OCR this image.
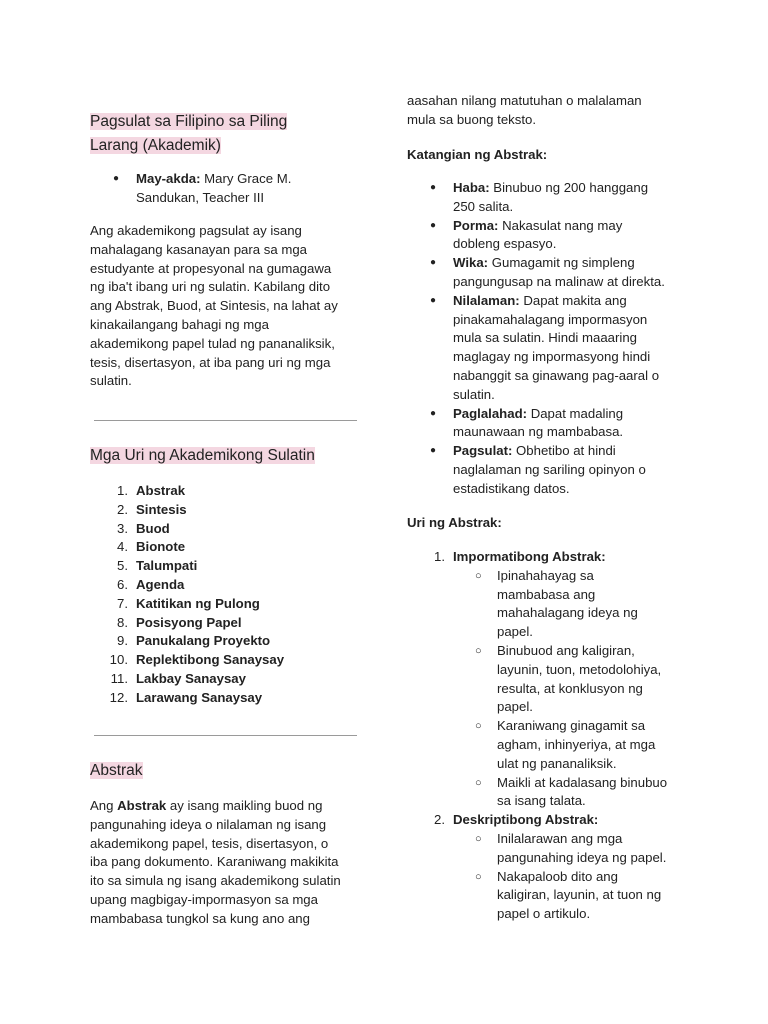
Pagsulat sa Filipino sa Piling
Larang (Akademik)
● May-akda: Mary Grace M.
Sandukan, Teacher III
Ang akademikong pagsulat ay isang
mahalagang kasanayan para sa mga
estudyante at propesyonal na gumagawa
ng iba't ibang uri ng sulatin. Kabilang dito
ang Abstrak, Buod, at Sintesis, na lahat ay
kinakailangang bahagi ng mga
akademikong papel tulad ng pananaliksik,
tesis, disertasyon, at iba pang uri ng mga
sulatin.
Mga Uri ng Akademikong Sulatin
1. Abstrak
2. Sintesis
3. Buod
4. Bionote
5. Talumpati
6. Agenda
7. Katitikan ng Pulong
8. Posisyong Papel
9. Panukalang Proyekto
10. Replektibong Sanaysay
11. Lakbay Sanaysay
12. Larawang Sanaysay
Abstrak
Ang Abstrak ay isang maikling buod ng
pangunahing ideya o nilalaman ng isang
akademikong papel, tesis, disertasyon, o
iba pang dokumento. Karaniwang makikita
ito sa simula ng isang akademikong sulatin
upang magbigay-impormasyon sa mga
mambabasa tungkol sa kung ano ang
aasahan nilang matutuhan o malalaman
mula sa buong teksto.
Katangian ng Abstrak:
● Haba: Binubuo ng 200 hanggang
250 salita.
● Porma: Nakasulat nang may
dobleng espasyo.
● Wika: Gumagamit ng simpleng
pangungusap na malinaw at direkta.
● Nilalaman: Dapat makita ang
pinakamahalagang impormasyon
mula sa sulatin. Hindi maaaring
maglagay ng impormasyong hindi
nabanggit sa ginawang pag-aaral o
sulatin.
● Paglalahad: Dapat madaling
maunawaan ng mambabasa.
● Pagsulat: Obhetibo at hindi
naglalaman ng sariling opinyon o
estadistikang datos.
Uri ng Abstrak:
1. Impormatibong Abstrak:
○ Ipinahahayag sa
mambabasa ang
mahahalagang ideya ng
papel.
○ Binubuod ang kaligiran,
layunin, tuon, metodolohiya,
resulta, at konklusyon ng
papel.
○ Karaniwang ginagamit sa
agham, inhinyeriya, at mga
ulat ng pananaliksik.
○ Maikli at kadalasang binubuo
sa isang talata.
2. Deskriptibong Abstrak:
○ Inilalarawan ang mga
pangunahing ideya ng papel.
○ Nakapaloob dito ang
kaligiran, layunin, at tuon ng
papel o artikulo.
